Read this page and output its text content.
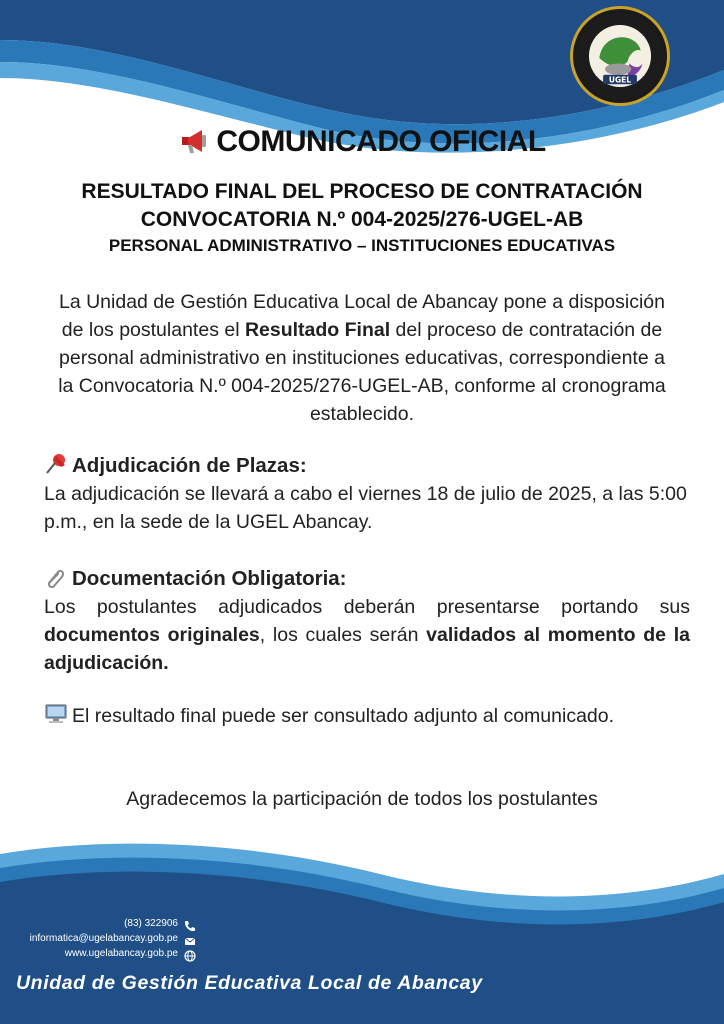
UGEL
COMUNICADO OFICIAL
RESULTADO FINAL DEL PROCESO DE CONTRATACIÓN
CONVOCATORIA N.º 004-2025/276-UGEL-AB
PERSONAL ADMINISTRATIVO – INSTITUCIONES EDUCATIVAS
La Unidad de Gestión Educativa Local de Abancay pone a disposición de los postulantes el Resultado Final del proceso de contratación de personal administrativo en instituciones educativas, correspondiente a la Convocatoria N.º 004-2025/276-UGEL-AB, conforme al cronograma establecido.
Adjudicación de Plazas:
La adjudicación se llevará a cabo el viernes 18 de julio de 2025, a las 5:00 p.m., en la sede de la UGEL Abancay.
Documentación Obligatoria:
Los postulantes adjudicados deberán presentarse portando sus documentos originales, los cuales serán validados al momento de la adjudicación.
El resultado final puede ser consultado adjunto al comunicado.
Agradecemos la participación de todos los postulantes
(83) 322906
informatica@ugelabancay.gob.pe
www.ugelabancay.gob.pe
Unidad de Gestión Educativa Local de Abancay
